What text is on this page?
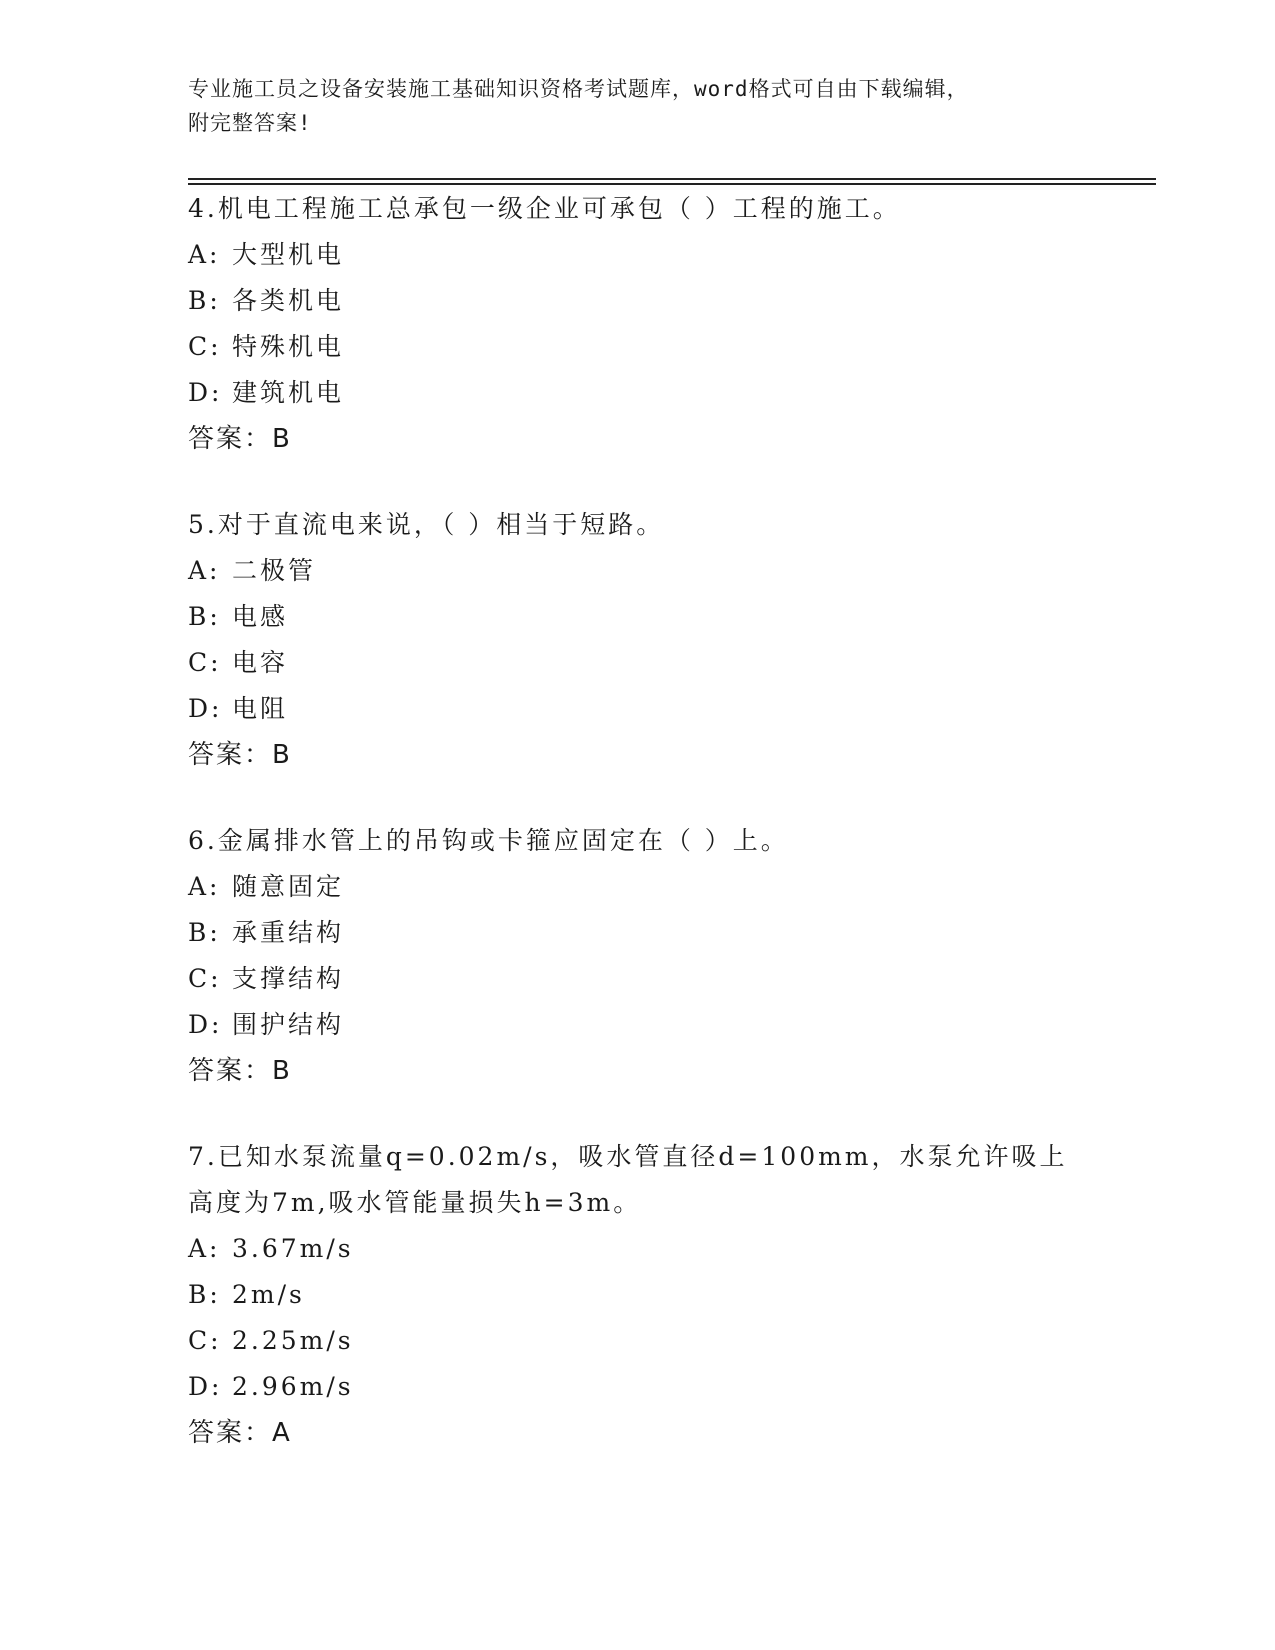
专业施工员之设备安装施工基础知识资格考试题库，word格式可自由下载编辑，
附完整答案!

4.机电工程施工总承包一级企业可承包（ ）工程的施工。

A: 大型机电

B: 各类机电

C: 特殊机电

D: 建筑机电

答案：B

5.对于直流电来说，（ ）相当于短路。

A: 二极管

B: 电感

C: 电容

D: 电阻

答案：B

6.金属排水管上的吊钩或卡箍应固定在（ ）上。

A: 随意固定

B: 承重结构

C: 支撑结构

D: 围护结构

答案：B

7.已知水泵流量q=0.02m/s，吸水管直径d=100mm，水泵允许吸上高度为7m,吸水管能量损失h=3m。

A: 3.67m/s

B: 2m/s

C: 2.25m/s

D: 2.96m/s

答案：A
